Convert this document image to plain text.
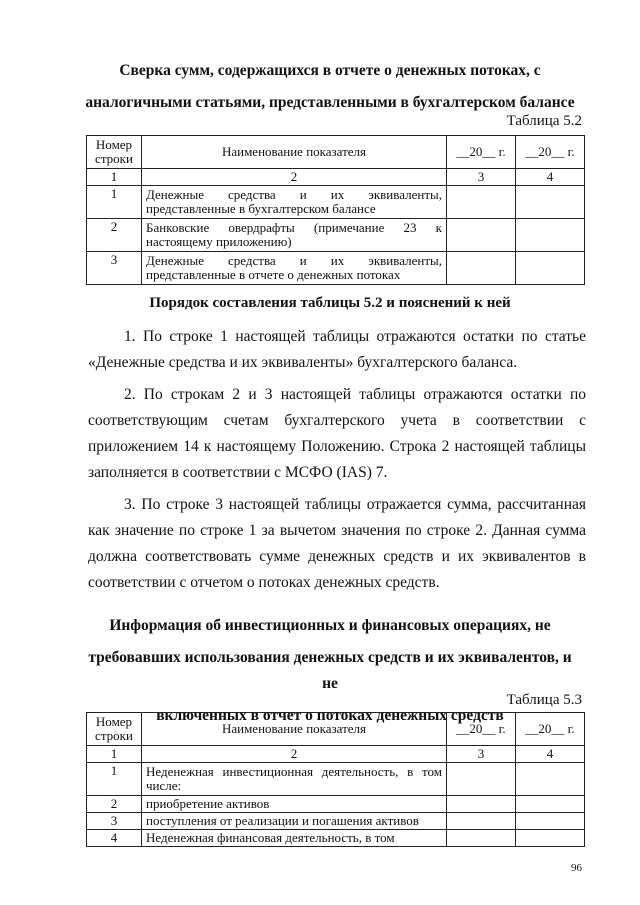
Сверка сумм, содержащихся в отчете о денежных потоках, с
аналогичными статьями, представленными в бухгалтерском балансе
Таблица 5.2
Номер строки	Наименование показателя	__20__ г.	__20__ г.
1	2	3	4
1	Денежные средства и их эквиваленты, представленные в бухгалтерском балансе		
2	Банковские овердрафты (примечание 23 к настоящему приложению)		
3	Денежные средства и их эквиваленты, представленные в отчете о денежных потоках		
Порядок составления таблицы 5.2 и пояснений к ней

1. По строке 1 настоящей таблицы отражаются остатки по статье «Денежные средства и их эквиваленты» бухгалтерского баланса.

2. По строкам 2 и 3 настоящей таблицы отражаются остатки по соответствующим счетам бухгалтерского учета в соответствии с приложением 14 к настоящему Положению. Строка 2 настоящей таблицы заполняется в соответствии с МСФО (IAS) 7.

3. По строке 3 настоящей таблицы отражается сумма, рассчитанная как значение по строке 1 за вычетом значения по строке 2. Данная сумма должна соответствовать сумме денежных средств и их эквивалентов в соответствии с отчетом о потоках денежных средств.

Информация об инвестиционных и финансовых операциях, не
требовавших использования денежных средств и их эквивалентов, и не
включенных в отчет о потоках денежных средств
Таблица 5.3
Номер строки	Наименование показателя	__20__ г.	__20__ г.
1	2	3	4
1	Неденежная инвестиционная деятельность, в том числе:		
2	приобретение активов		
3	поступления от реализации и погашения активов		
4	Неденежная финансовая деятельность, в том		
96
